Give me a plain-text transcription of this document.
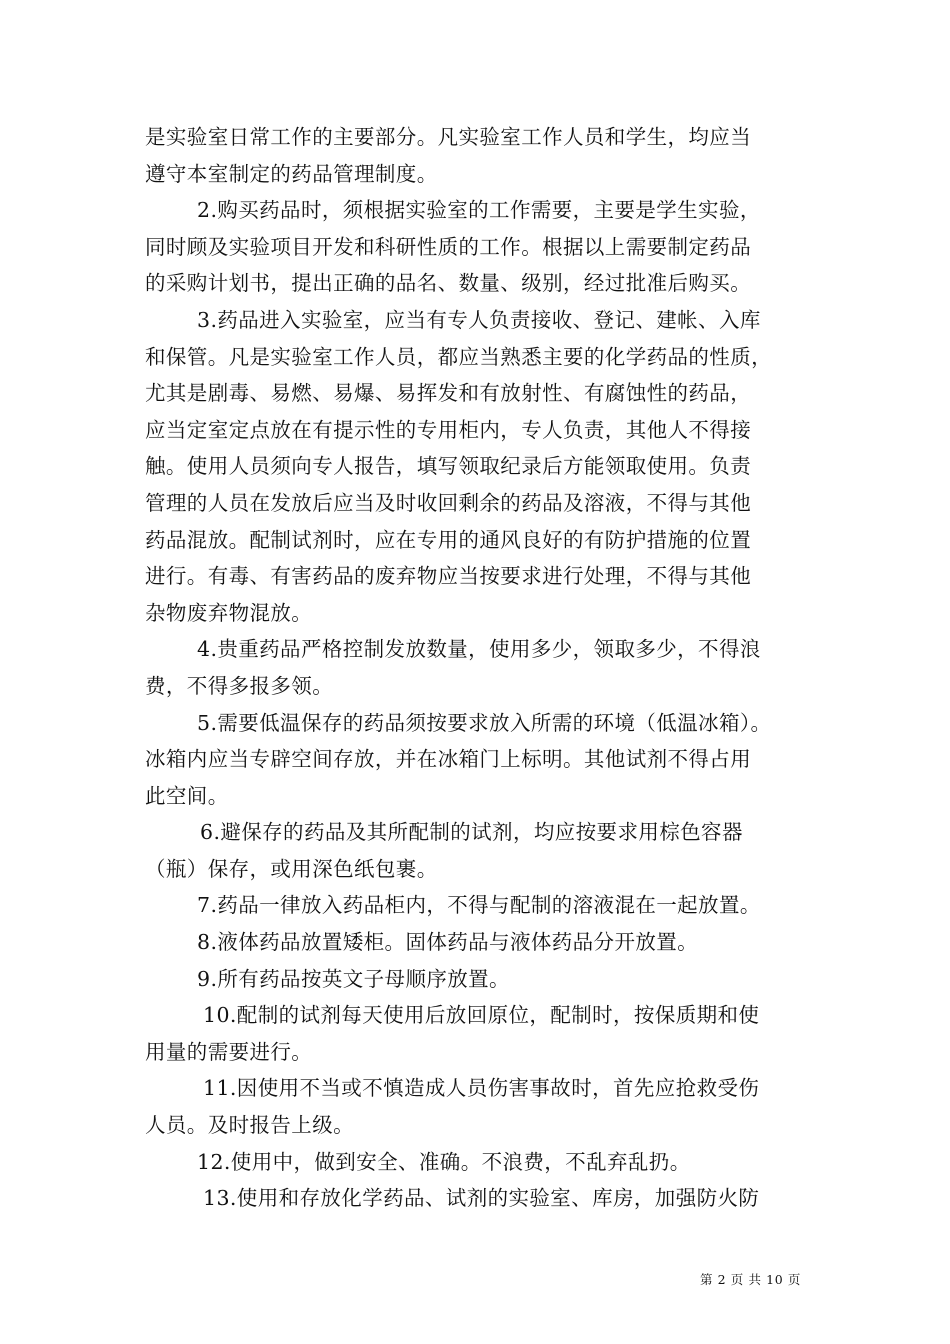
是实验室日常工作的主要部分。凡实验室工作人员和学生，均应当
遵守本室制定的药品管理制度。
2.购买药品时，须根据实验室的工作需要，主要是学生实验，
同时顾及实验项目开发和科研性质的工作。根据以上需要制定药品
的采购计划书，提出正确的品名、数量、级别，经过批准后购买。
3.药品进入实验室，应当有专人负责接收、登记、建帐、入库
和保管。凡是实验室工作人员，都应当熟悉主要的化学药品的性质，
尤其是剧毒、易燃、易爆、易挥发和有放射性、有腐蚀性的药品，
应当定室定点放在有提示性的专用柜内，专人负责，其他人不得接
触。使用人员须向专人报告，填写领取纪录后方能领取使用。负责
管理的人员在发放后应当及时收回剩余的药品及溶液，不得与其他
药品混放。配制试剂时，应在专用的通风良好的有防护措施的位置
进行。有毒、有害药品的废弃物应当按要求进行处理，不得与其他
杂物废弃物混放。
4.贵重药品严格控制发放数量，使用多少，领取多少，不得浪
费，不得多报多领。
5.需要低温保存的药品须按要求放入所需的环境（低温冰箱）。
冰箱内应当专辟空间存放，并在冰箱门上标明。其他试剂不得占用
此空间。
6.避保存的药品及其所配制的试剂，均应按要求用棕色容器
（瓶）保存，或用深色纸包裹。
7.药品一律放入药品柜内，不得与配制的溶液混在一起放置。
8.液体药品放置矮柜。固体药品与液体药品分开放置。
9.所有药品按英文子母顺序放置。
10.配制的试剂每天使用后放回原位，配制时，按保质期和使
用量的需要进行。
11.因使用不当或不慎造成人员伤害事故时，首先应抢救受伤
人员。及时报告上级。
12.使用中，做到安全、准确。不浪费，不乱弃乱扔。
13.使用和存放化学药品、试剂的实验室、库房，加强防火防
第 2 页 共 10 页
